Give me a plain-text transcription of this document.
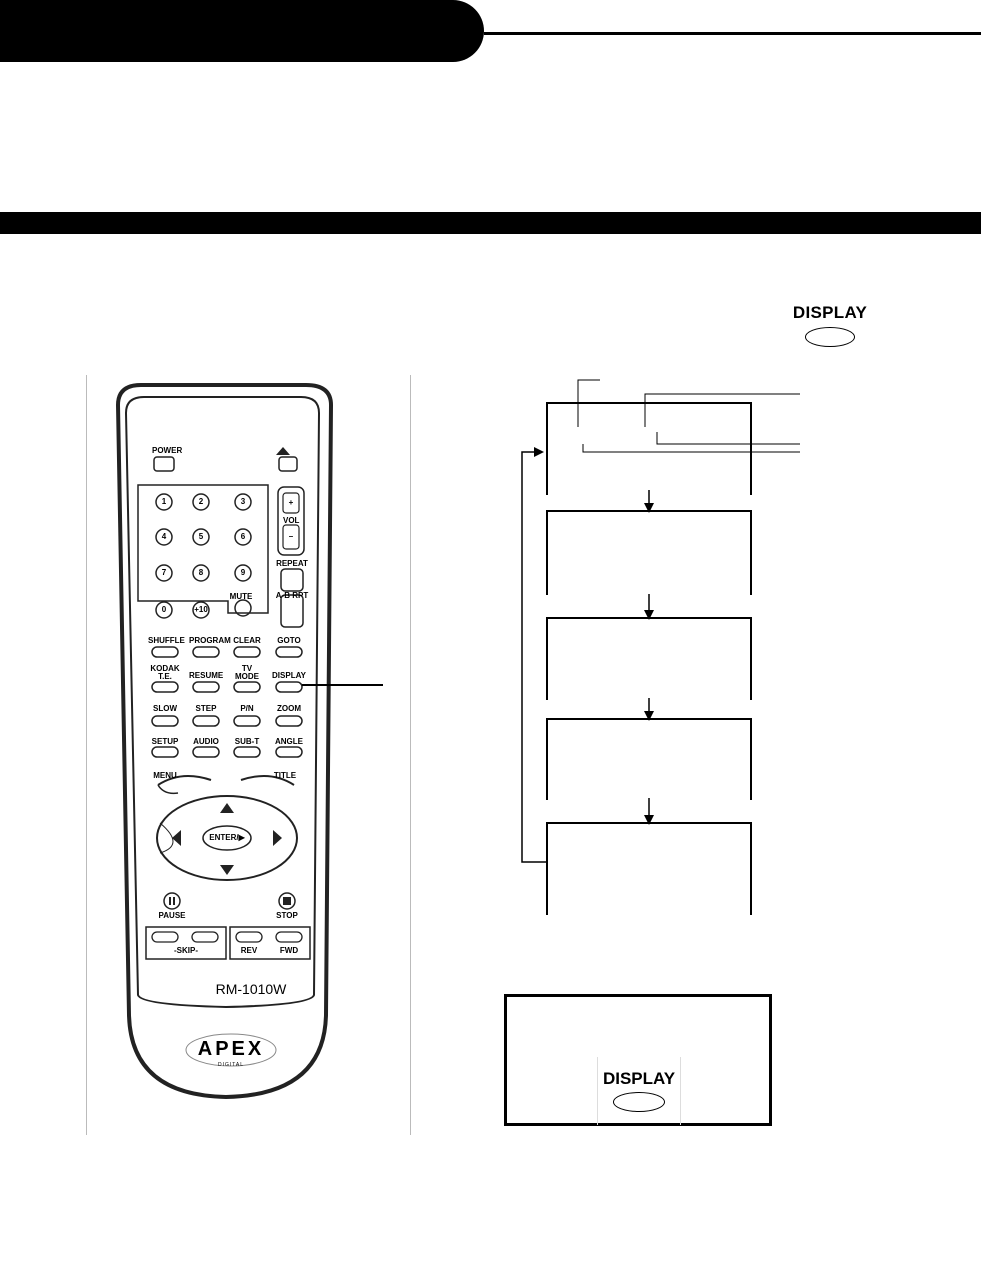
DISPLAY
POWER
1	2	3
4	5	6
7	8	9
0	+10
+
VOL
–
REPEAT
A-B RPT
MUTE
SHUFFLE PROGRAM CLEAR	GOTO
KODAK T.E.	RESUME
TV MODE	DISPLAY
SLOW	STEP	P/N	ZOOM
SETUP	AUDIO	SUB-T	ANGLE
MENU	TITLE
ENTER/▶
PAUSE	STOP
-SKIP-	REV	FWD
RM-1010W
APEX
DIGITAL
DISPLAY
